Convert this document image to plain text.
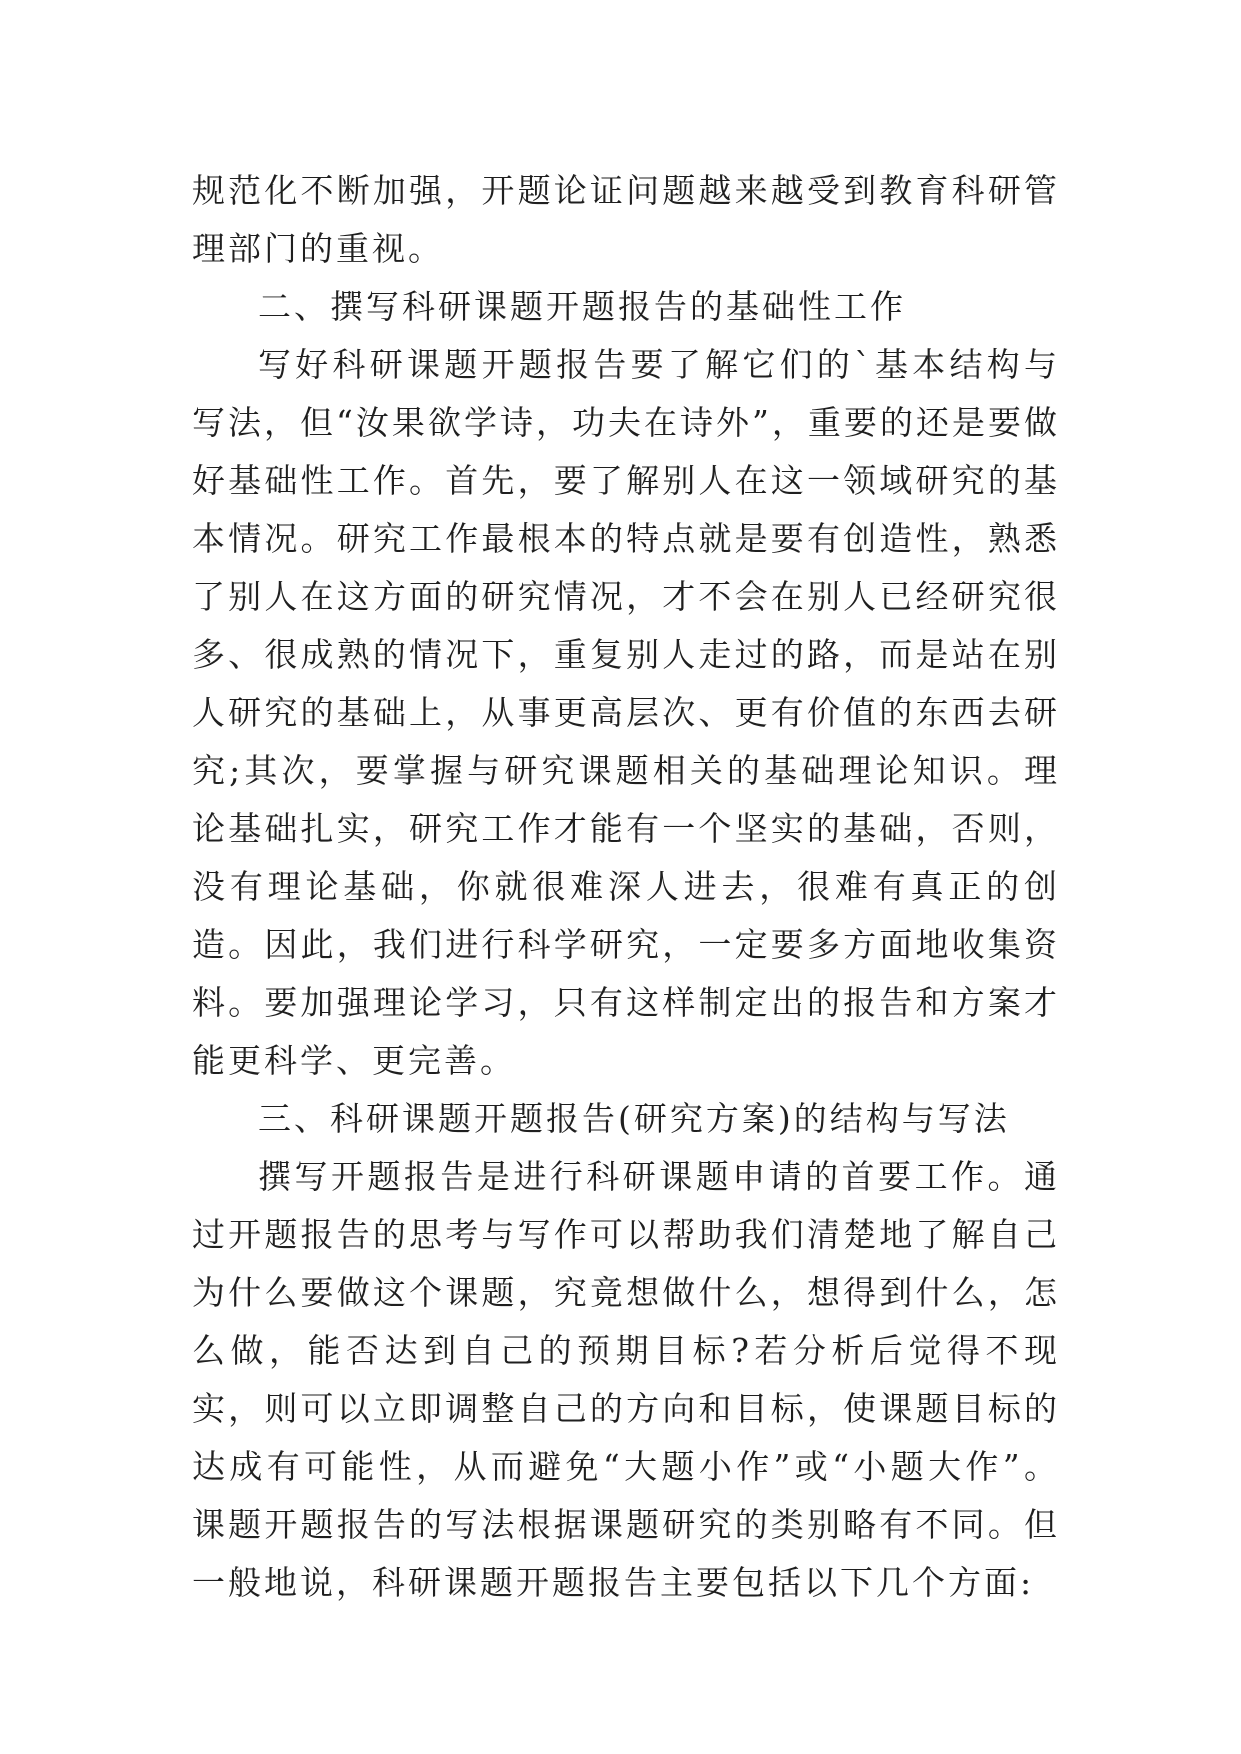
规范化不断加强，开题论证问题越来越受到教育科研管理部门的重视。

二、撰写科研课题开题报告的基础性工作

写好科研课题开题报告要了解它们的`基本结构与写法，但“汝果欲学诗，功夫在诗外”，重要的还是要做好基础性工作。首先，要了解别人在这一领域研究的基本情况。研究工作最根本的特点就是要有创造性，熟悉了别人在这方面的研究情况，才不会在别人已经研究很多、很成熟的情况下，重复别人走过的路，而是站在别人研究的基础上，从事更高层次、更有价值的东西去研究;其次，要掌握与研究课题相关的基础理论知识。理论基础扎实，研究工作才能有一个坚实的基础，否则，没有理论基础，你就很难深人进去，很难有真正的创造。因此，我们进行科学研究，一定要多方面地收集资料。要加强理论学习，只有这样制定出的报告和方案才能更科学、更完善。

三、科研课题开题报告(研究方案)的结构与写法

撰写开题报告是进行科研课题申请的首要工作。通过开题报告的思考与写作可以帮助我们清楚地了解自己为什么要做这个课题，究竟想做什么，想得到什么，怎么做，能否达到自己的预期目标?若分析后觉得不现实，则可以立即调整自己的方向和目标，使课题目标的达成有可能性，从而避免“大题小作”或“小题大作”。课题开题报告的写法根据课题研究的类别略有不同。但一般地说，科研课题开题报告主要包括以下几个方面:
